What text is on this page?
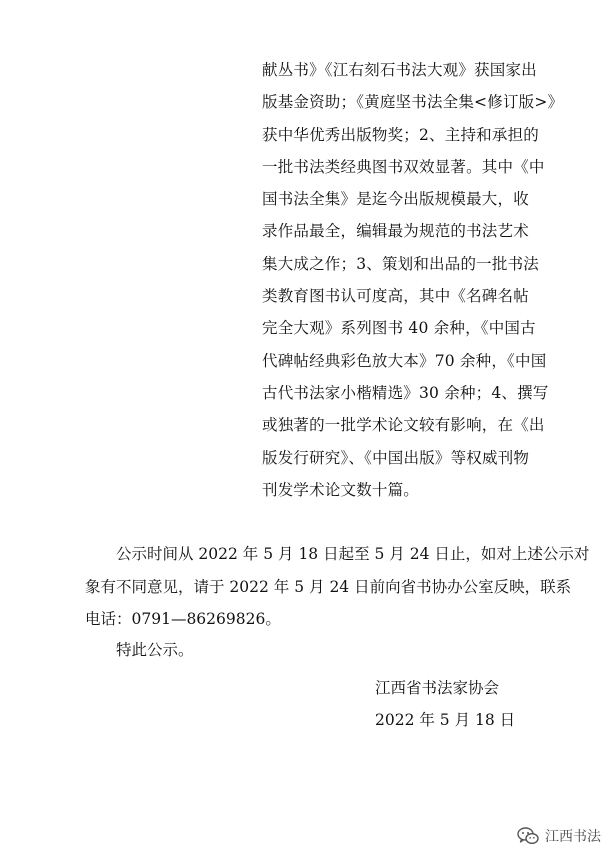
献丛书》《江右刻石书法大观》获国家出
版基金资助；《黄庭坚书法全集<修订版>》
获中华优秀出版物奖；2、主持和承担的
一批书法类经典图书双效显著。其中《中
国书法全集》是迄今出版规模最大，收
录作品最全，编辑最为规范的书法艺术
集大成之作；3、策划和出品的一批书法
类教育图书认可度高，其中《名碑名帖
完全大观》系列图书 40 余种，《中国古
代碑帖经典彩色放大本》70 余种，《中国
古代书法家小楷精选》30 余种；4、撰写
或独著的一批学术论文较有影响，在《出
版发行研究》、《中国出版》等权威刊物
刊发学术论文数十篇。

公示时间从 2022 年 5 月 18 日起至 5 月 24 日止，如对上述公示对
象有不同意见，请于 2022 年 5 月 24 日前向省书协办公室反映，联系
电话：0791—86269826。

特此公示。

江西省书法家协会

2022 年 5 月 18 日

江西书法
